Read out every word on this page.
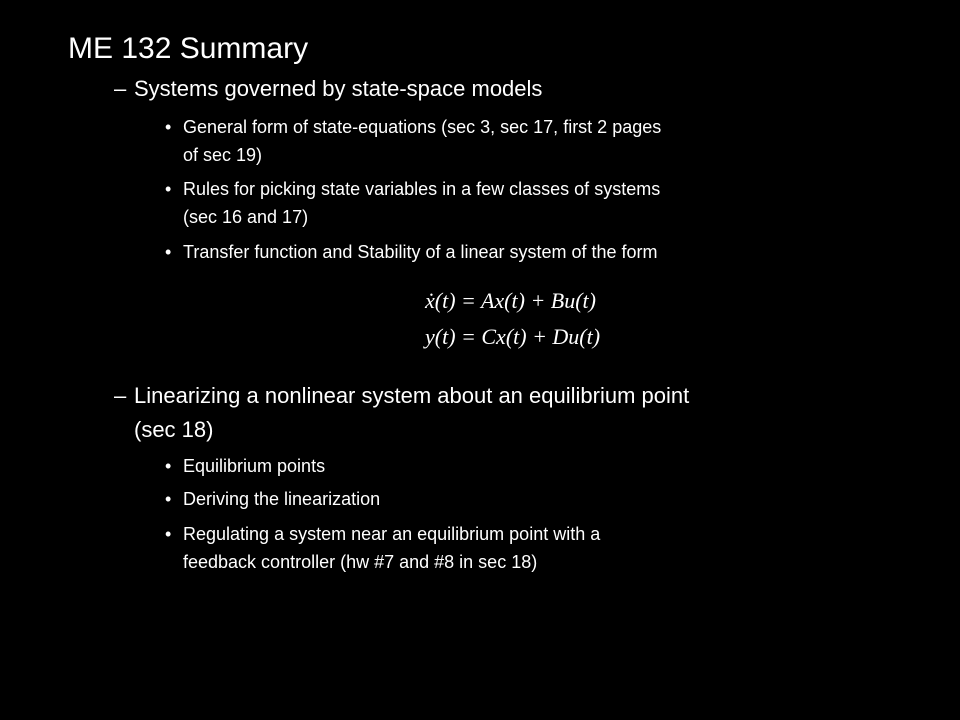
ME 132 Summary
– Systems governed by state-space models
• General form of state-equations (sec 3, sec 17, first 2 pages
of sec 19)
• Rules for picking state variables in a few classes of systems
(sec 16 and 17)
• Transfer function and Stability of a linear system of the form
ẋ(t) = Ax(t) + Bu(t)
y(t) = Cx(t) + Du(t)
– Linearizing a nonlinear system about an equilibrium point
(sec 18)
• Equilibrium points
• Deriving the linearization
• Regulating a system near an equilibrium point with a
feedback controller (hw #7 and #8 in sec 18)
